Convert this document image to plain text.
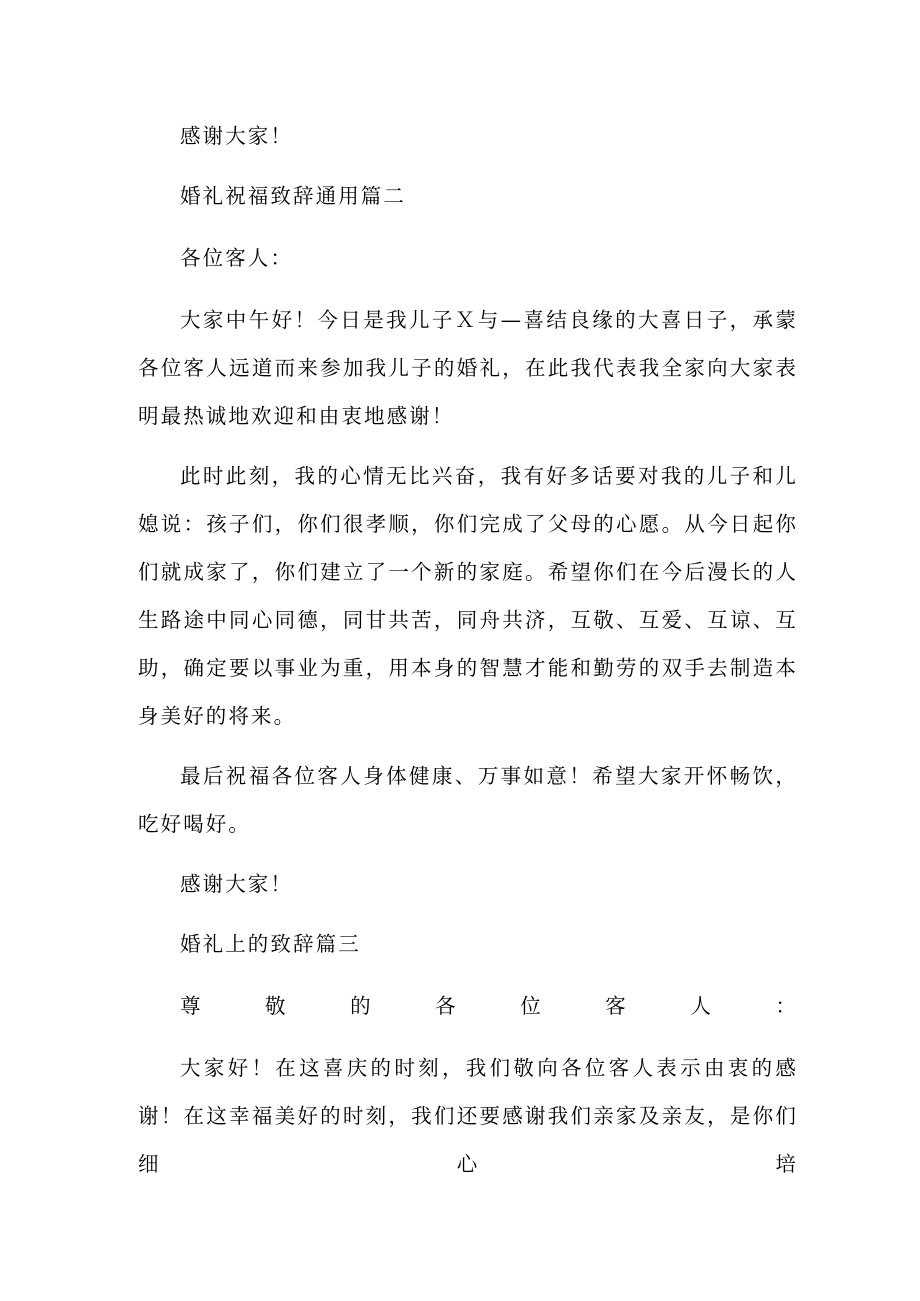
感谢大家！

婚礼祝福致辞通用篇二

各位客人：

大家中午好！今日是我儿子Ｘ与—喜结良缘的大喜日子，承蒙各位客人远道而来参加我儿子的婚礼，在此我代表我全家向大家表明最热诚地欢迎和由衷地感谢！

此时此刻，我的心情无比兴奋，我有好多话要对我的儿子和儿媳说：孩子们，你们很孝顺，你们完成了父母的心愿。从今日起你们就成家了，你们建立了一个新的家庭。希望你们在今后漫长的人生路途中同心同德，同甘共苦，同舟共济，互敬、互爱、互谅、互助，确定要以事业为重，用本身的智慧才能和勤劳的双手去制造本身美好的将来。

最后祝福各位客人身体健康、万事如意！希望大家开怀畅饮，吃好喝好。

感谢大家！

婚礼上的致辞篇三

尊敬的各位客人：

大家好！在这喜庆的时刻，我们敬向各位客人表示由衷的感谢！在这幸福美好的时刻，我们还要感谢我们亲家及亲友，是你们细心培
